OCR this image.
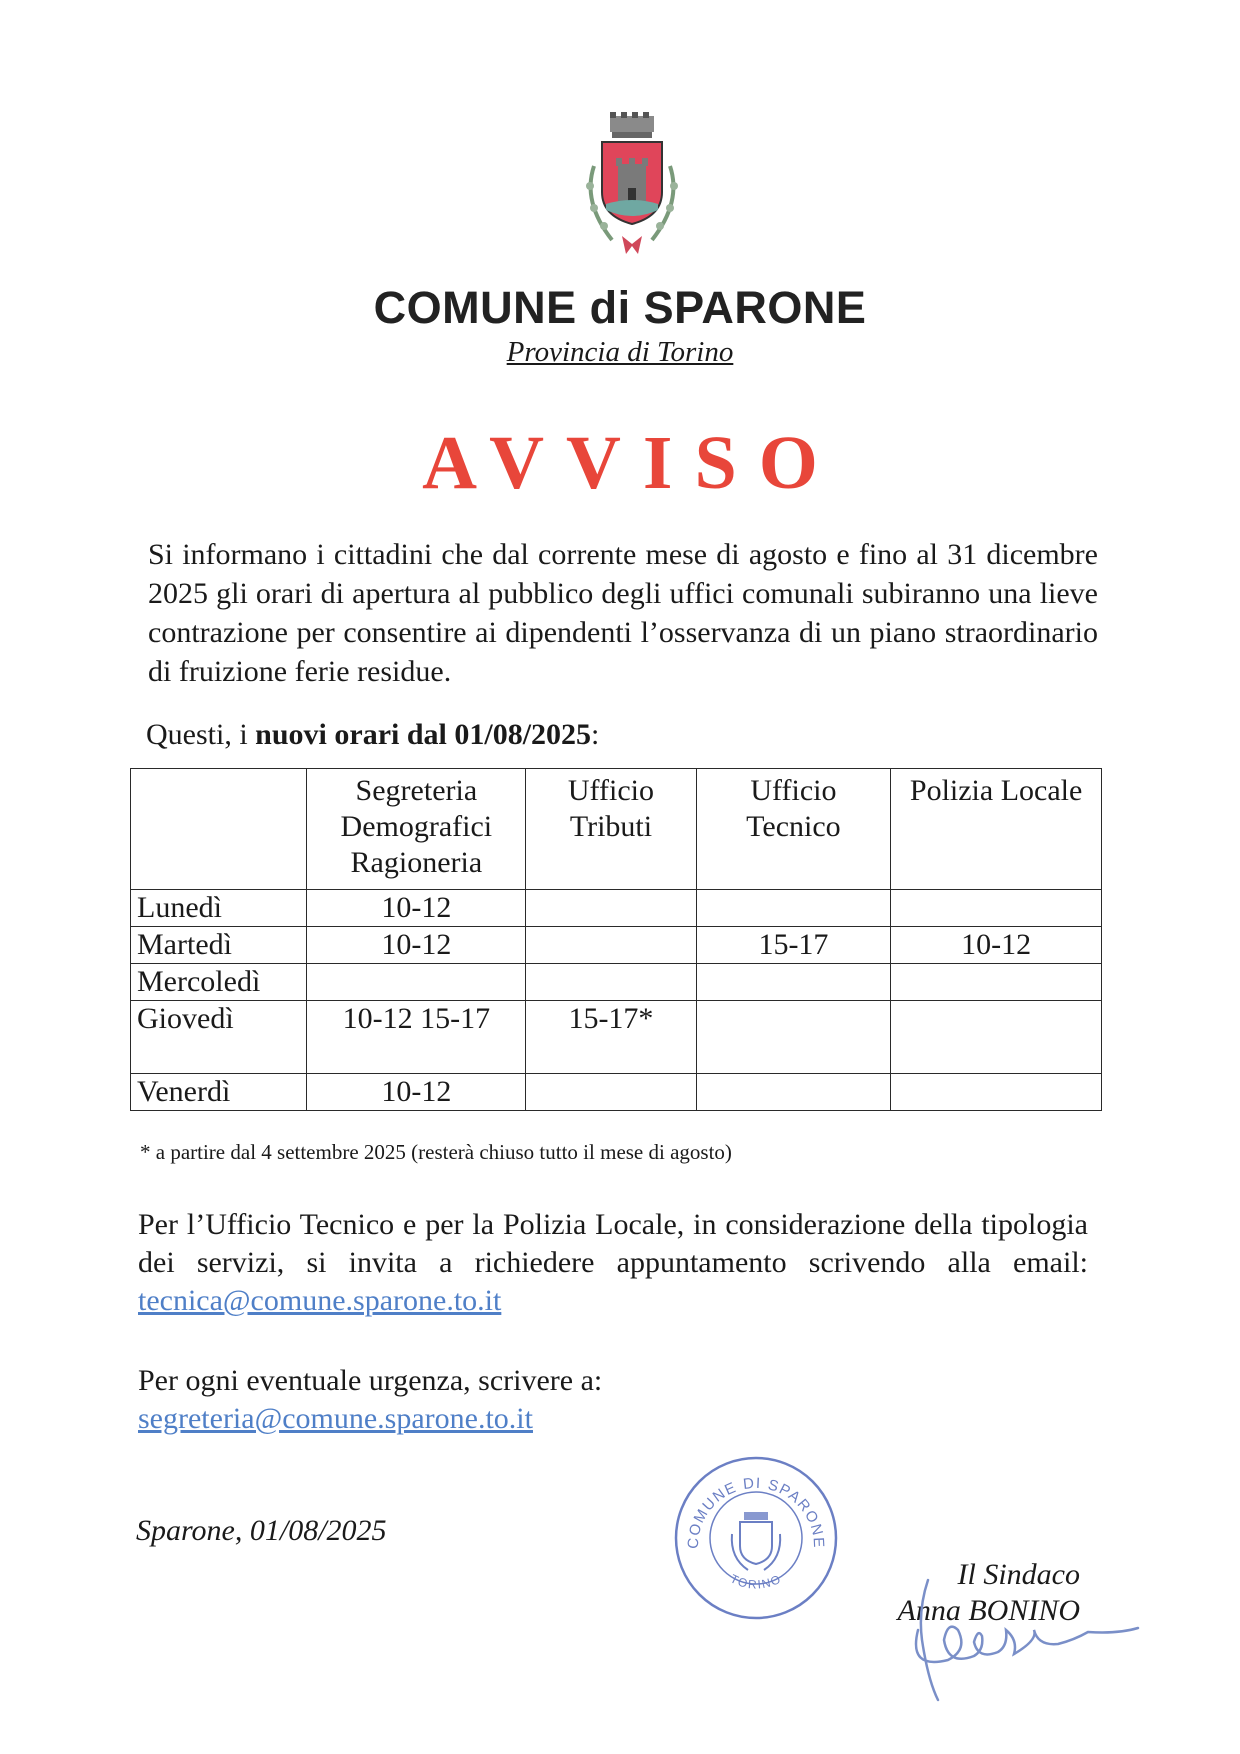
COMUNE di SPARONE
Provincia di Torino
AVVISO
Si informano i cittadini che dal corrente mese di agosto e fino al 31 dicembre 2025 gli orari di apertura al pubblico degli uffici comunali subiranno una lieve contrazione per consentire ai dipendenti l’osservanza di un piano straordinario di fruizione ferie residue.
Questi, i nuovi orari dal 01/08/2025:
	Segreteria Demografici Ragioneria	Ufficio Tributi	Ufficio Tecnico	Polizia Locale
Lunedì	10-12			
Martedì	10-12		15-17	10-12
Mercoledì				
Giovedì	10-12 15-17	15-17*		
Venerdì	10-12			
* a partire dal 4 settembre 2025 (resterà chiuso tutto il mese di agosto)
Per l’Ufficio Tecnico e per la Polizia Locale, in considerazione della tipologia dei servizi, si invita a richiedere appuntamento scrivendo alla email: tecnica@comune.sparone.to.it
Per ogni eventuale urgenza, scrivere a:
segreteria@comune.sparone.to.it
Sparone, 01/08/2025	COMUNE DI SPARONE
TORINO	Il Sindaco
Anna BONINO
